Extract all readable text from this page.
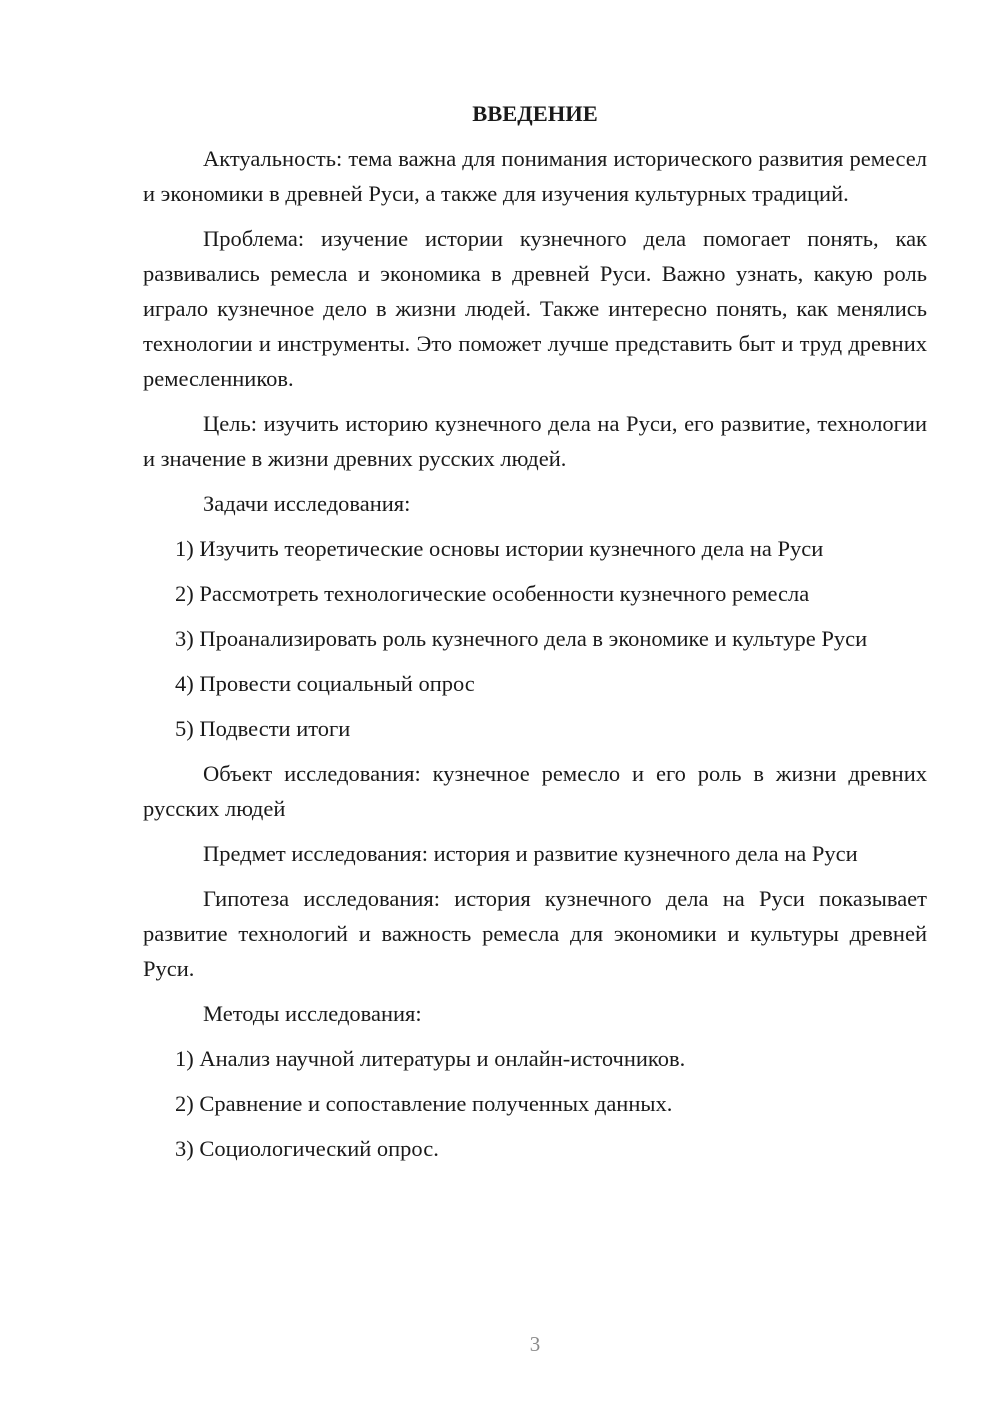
ВВЕДЕНИЕ

Актуальность: тема важна для понимания исторического развития ремесел и экономики в древней Руси, а также для изучения культурных традиций.

Проблема: изучение истории кузнечного дела помогает понять, как развивались ремесла и экономика в древней Руси. Важно узнать, какую роль играло кузнечное дело в жизни людей. Также интересно понять, как менялись технологии и инструменты. Это поможет лучше представить быт и труд древних ремесленников.

Цель: изучить историю кузнечного дела на Руси, его развитие, технологии и значение в жизни древних русских людей.

Задачи исследования:

1) Изучить теоретические основы истории кузнечного дела на Руси

2) Рассмотреть технологические особенности кузнечного ремесла

3) Проанализировать роль кузнечного дела в экономике и культуре Руси

4) Провести социальный опрос

5) Подвести итоги

Объект исследования: кузнечное ремесло и его роль в жизни древних русских людей

Предмет исследования: история и развитие кузнечного дела на Руси

Гипотеза исследования: история кузнечного дела на Руси показывает развитие технологий и важность ремесла для экономики и культуры древней Руси.

Методы исследования:

1) Анализ научной литературы и онлайн-источников.

2) Сравнение и сопоставление полученных данных.

3) Социологический опрос.

3
